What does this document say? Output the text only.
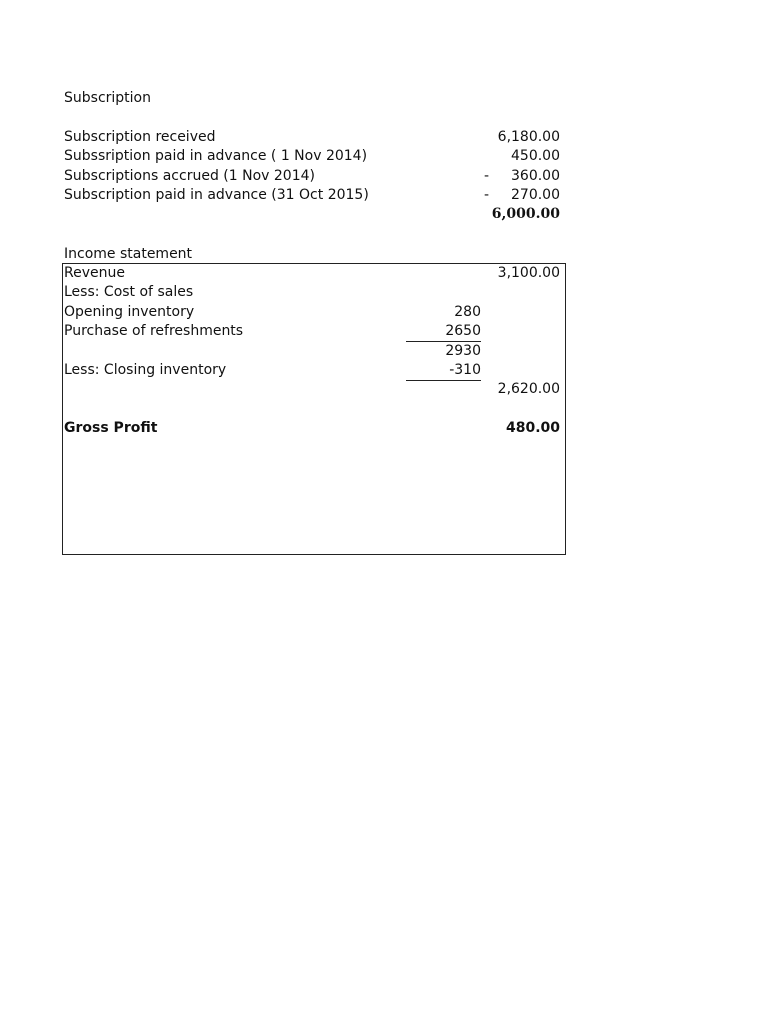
Subscription
Subscription received	6,180.00
Subssription paid in advance ( 1 Nov 2014)	450.00
Subscriptions accrued (1 Nov 2014)	- 360.00
Subscription paid in advance (31 Oct 2015)	- 270.00
6,000.00
Income statement
Revenue	3,100.00
Less: Cost of sales
Opening inventory	280
Purchase of refreshments	2650
2930
Less: Closing inventory	-310
2,620.00
Gross Profit	480.00
